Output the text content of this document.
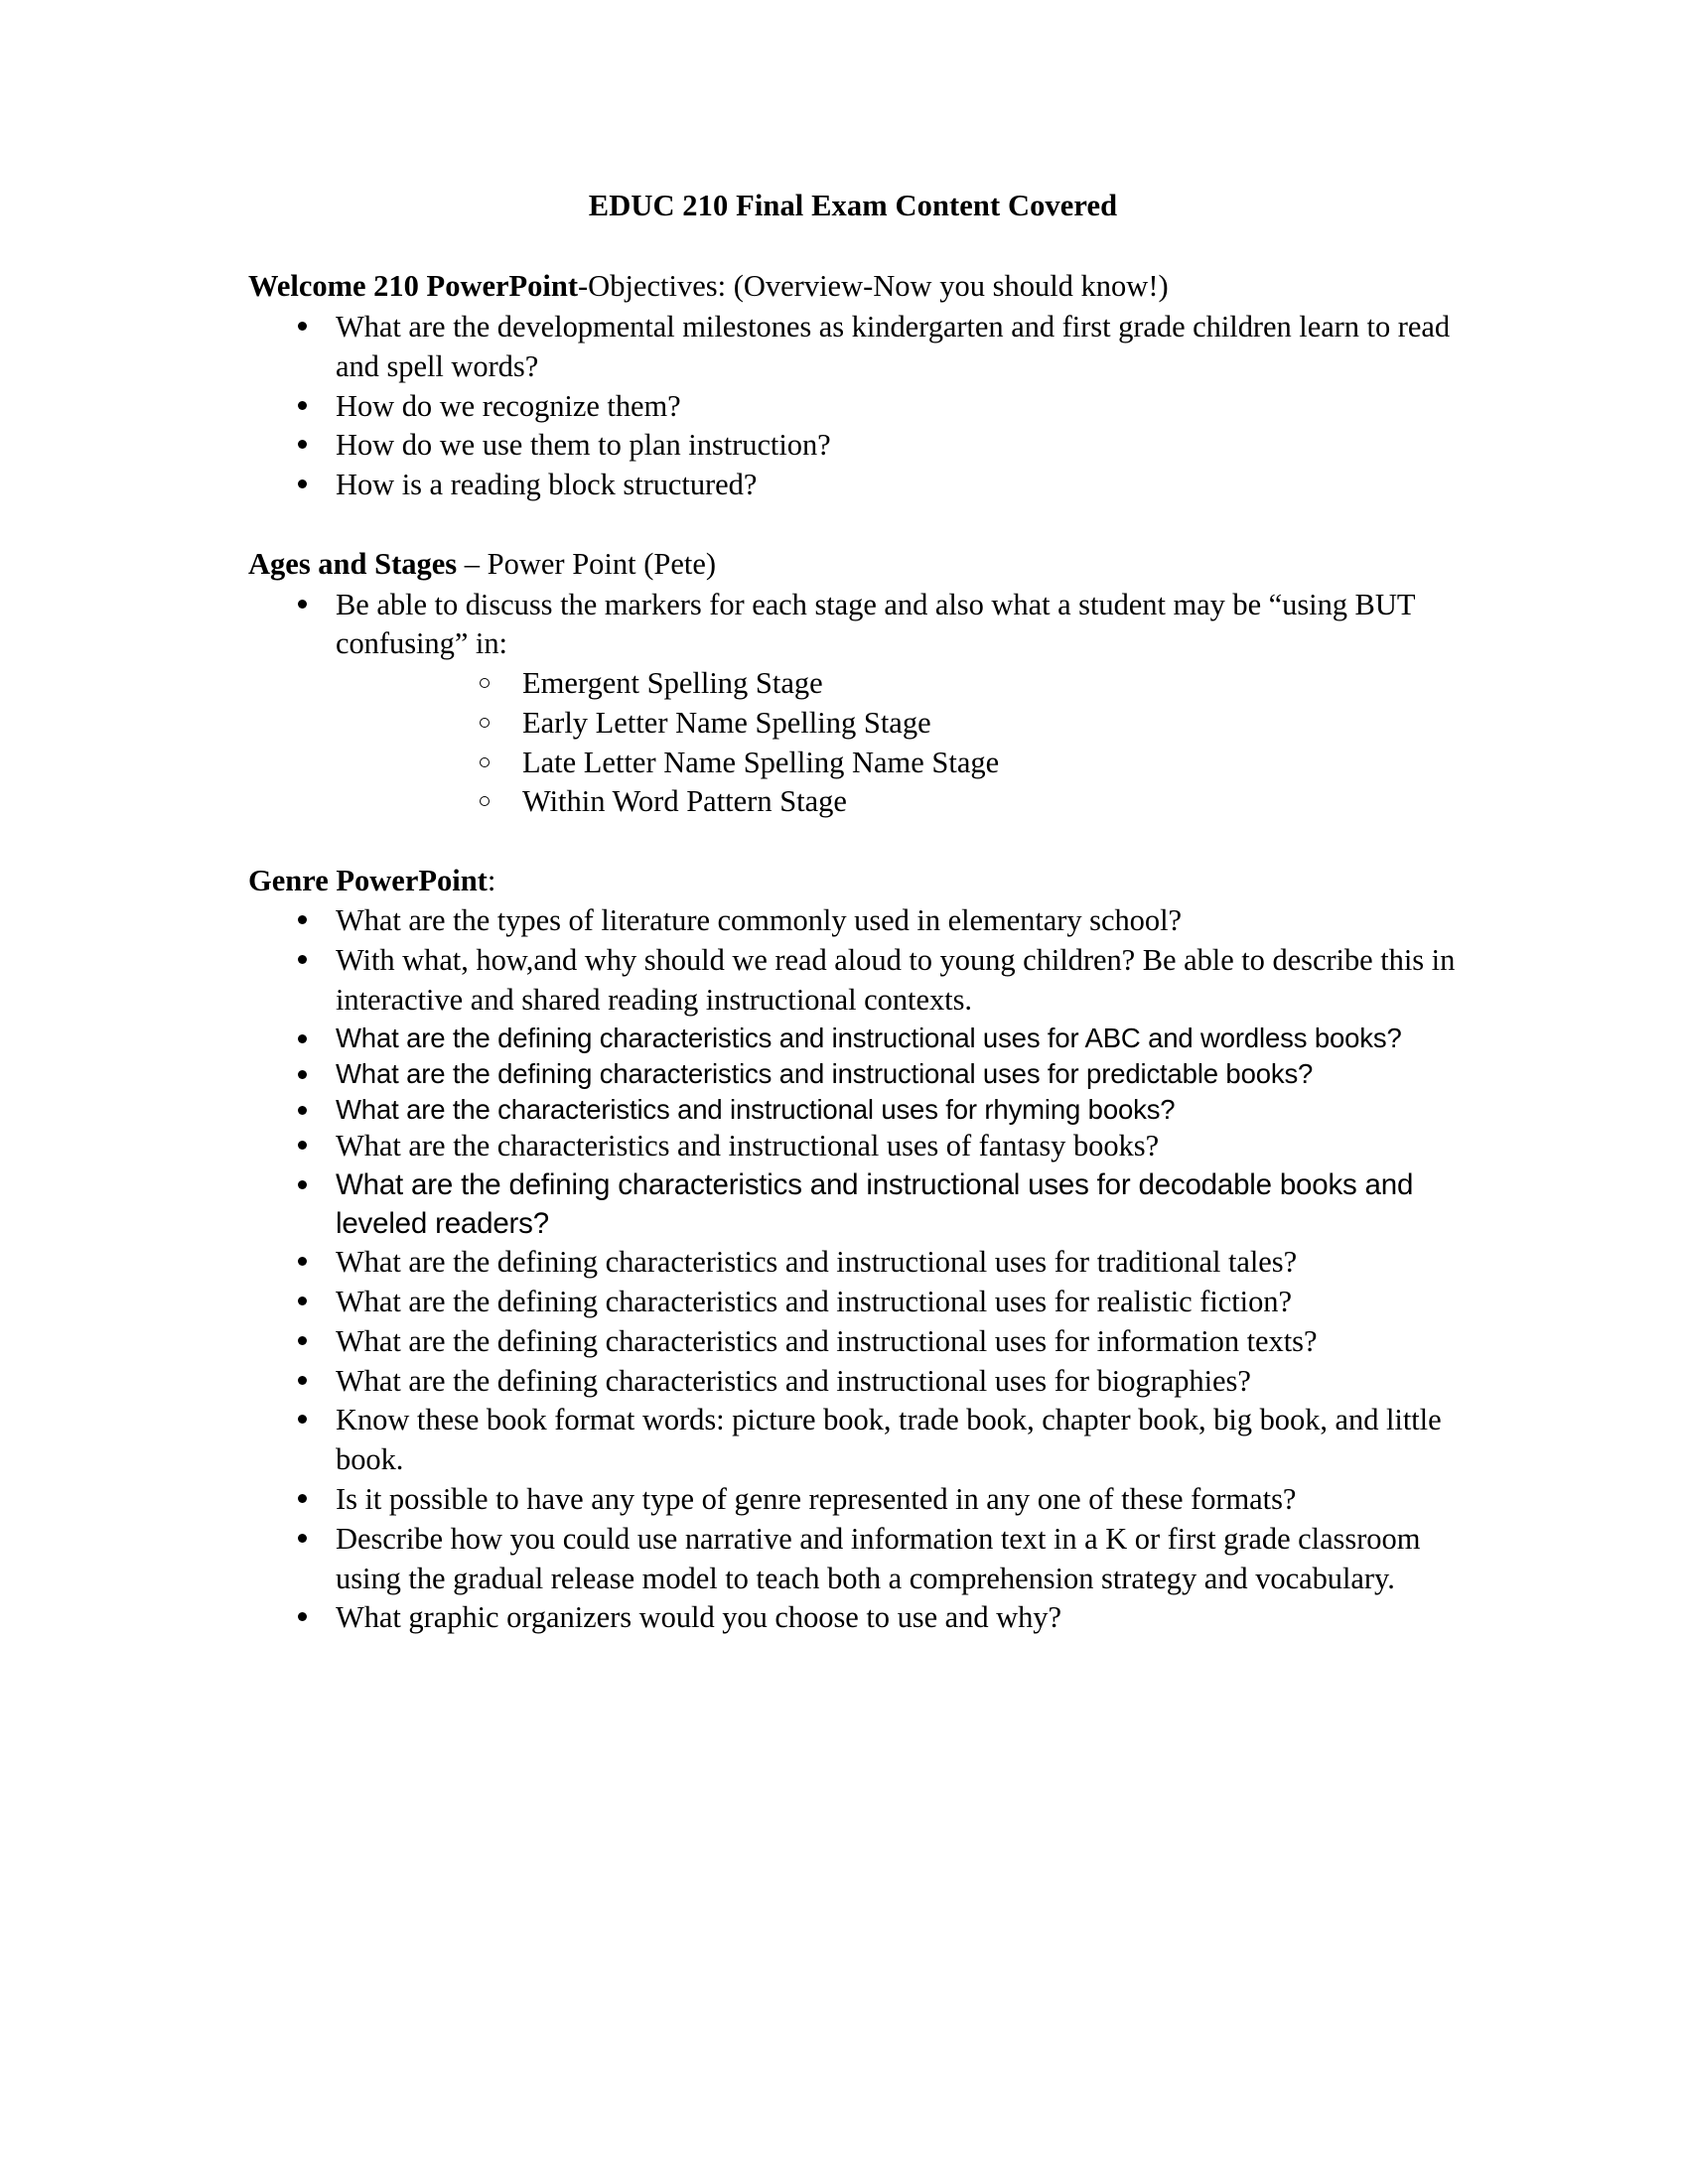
EDUC 210 Final Exam Content Covered
Welcome 210 PowerPoint-Objectives: (Overview-Now you should know!)
What are the developmental milestones as kindergarten and first grade children learn to read and spell words?
How do we recognize them?
How do we use them to plan instruction?
How is a reading block structured?
Ages and Stages – Power Point (Pete)
Be able to discuss the markers for each stage and also what a student may be “using BUT confusing” in:
Emergent Spelling Stage
Early Letter Name Spelling Stage
Late Letter Name Spelling Name Stage
Within Word Pattern Stage
Genre PowerPoint:
What are the types of literature commonly used in elementary school?
With what, how,and why should we read aloud to young children? Be able to describe this in interactive and shared reading instructional contexts.
What are the defining characteristics and instructional uses for ABC and wordless books?
What are the defining characteristics and instructional uses for predictable books?
What are the characteristics and instructional uses for rhyming books?
What are the characteristics and instructional uses of fantasy books?
What are the defining characteristics and instructional uses for decodable books and leveled readers?
What are the defining characteristics and instructional uses for traditional tales?
What are the defining characteristics and instructional uses for realistic fiction?
What are the defining characteristics and instructional uses for information texts?
What are the defining characteristics and instructional uses for biographies?
Know these book format words: picture book, trade book, chapter book, big book, and little book.
Is it possible to have any type of genre represented in any one of these formats?
Describe how you could use narrative and information text in a K or first grade classroom using the gradual release model to teach both a comprehension strategy and vocabulary.
What graphic organizers would you choose to use and why?
